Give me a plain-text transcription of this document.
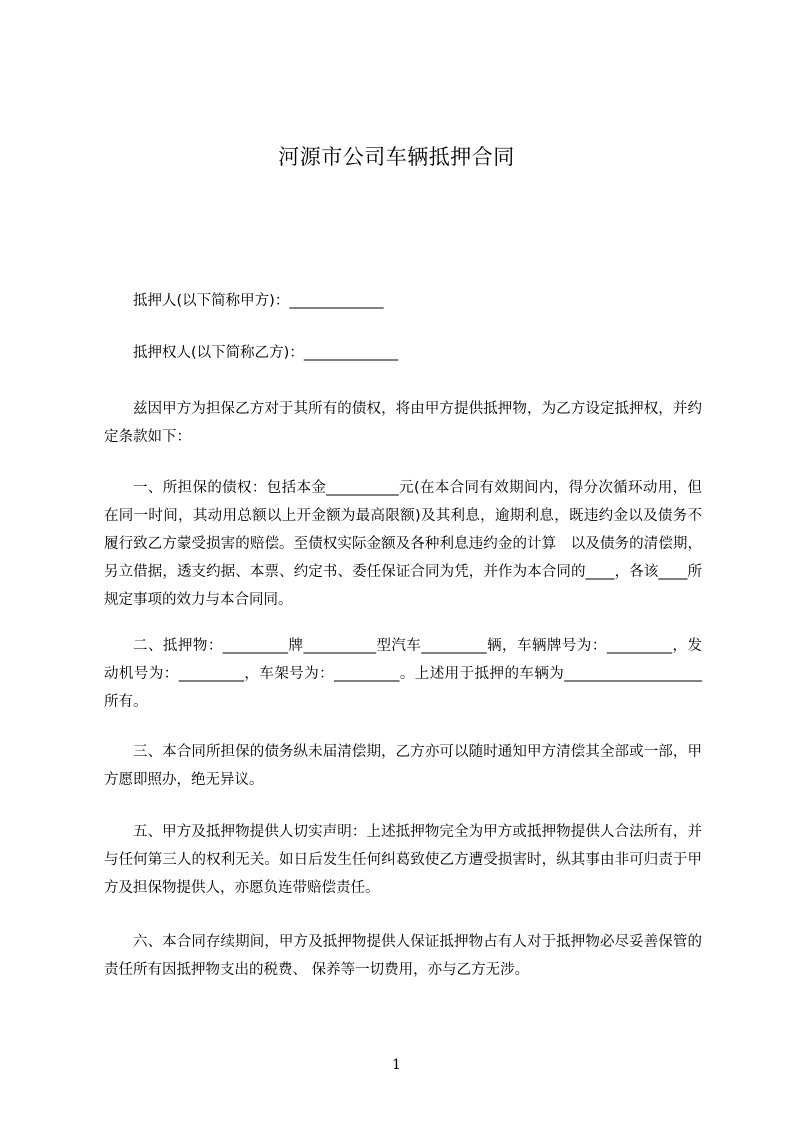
河源市公司车辆抵押合同

抵押人(以下简称甲方)：_____________

抵押权人(以下简称乙方)：_____________

兹因甲方为担保乙方对于其所有的债权，将由甲方提供抵押物，为乙方设定抵押权，并约定条款如下：

一、所担保的债权：包括本金__________元(在本合同有效期间内，得分次循环动用，但在同一时间，其动用总额以上开金额为最高限额)及其利息，逾期利息，既违约金以及债务不履行致乙方蒙受损害的赔偿。至债权实际金额及各种利息违约金的计算　以及债务的清偿期，另立借据，透支约据、本票、约定书、委任保证合同为凭，并作为本合同的____，各该____所规定事项的效力与本合同同。

二、抵押物：_________牌__________型汽车_________辆，车辆牌号为：_________，发动机号为：_________，车架号为：_________。上述用于抵押的车辆为___________________所有。

三、本合同所担保的债务纵未届清偿期，乙方亦可以随时通知甲方清偿其全部或一部，甲方愿即照办，绝无异议。

五、甲方及抵押物提供人切实声明：上述抵押物完全为甲方或抵押物提供人合法所有，并与任何第三人的权利无关。如日后发生任何纠葛致使乙方遭受损害时，纵其事由非可归责于甲方及担保物提供人，亦愿负连带赔偿责任。

六、本合同存续期间，甲方及抵押物提供人保证抵押物占有人对于抵押物必尽妥善保管的责任所有因抵押物支出的税费、 保养等一切费用，亦与乙方无涉。

1
